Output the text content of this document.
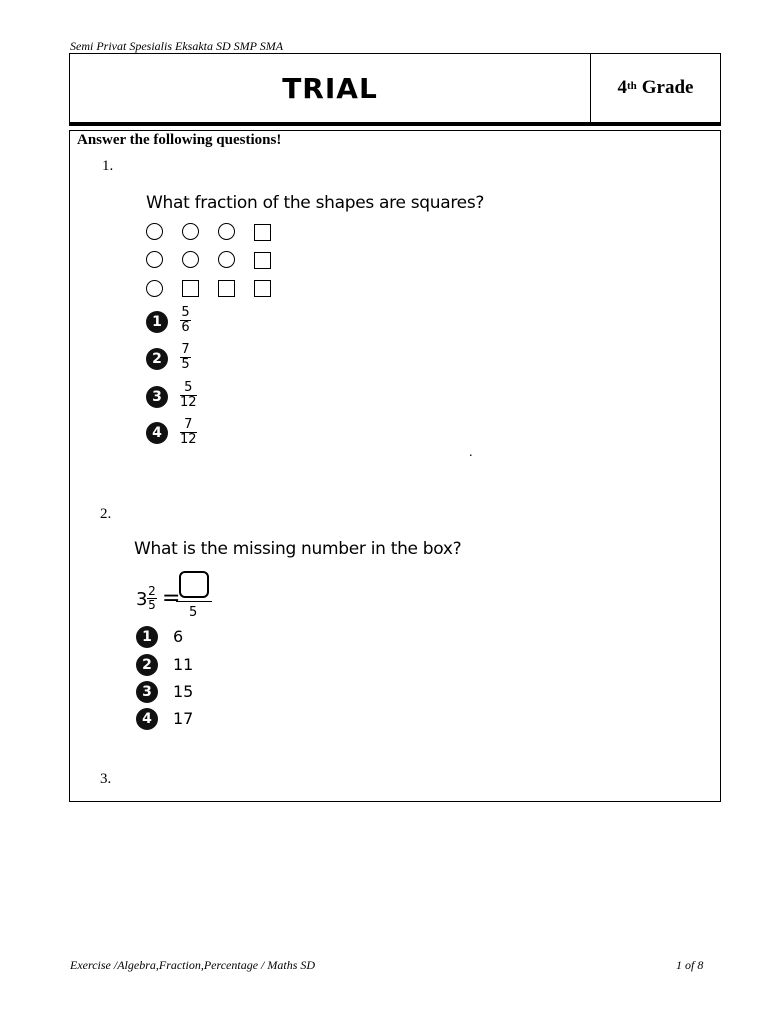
Semi Privat Spesialis Eksakta SD SMP SMA
TRIAL	4th Grade
Answer the following questions!
1.
What fraction of the shapes are squares?
1
5
6
2
7
5
3
5
12
4
7
12
.
2.
What is the missing number in the box?
3 2
5 =
5
1	6
2	11
3	15
4	17
3.
Exercise /Algebra,Fraction,Percentage / Maths SD	1 of 8
